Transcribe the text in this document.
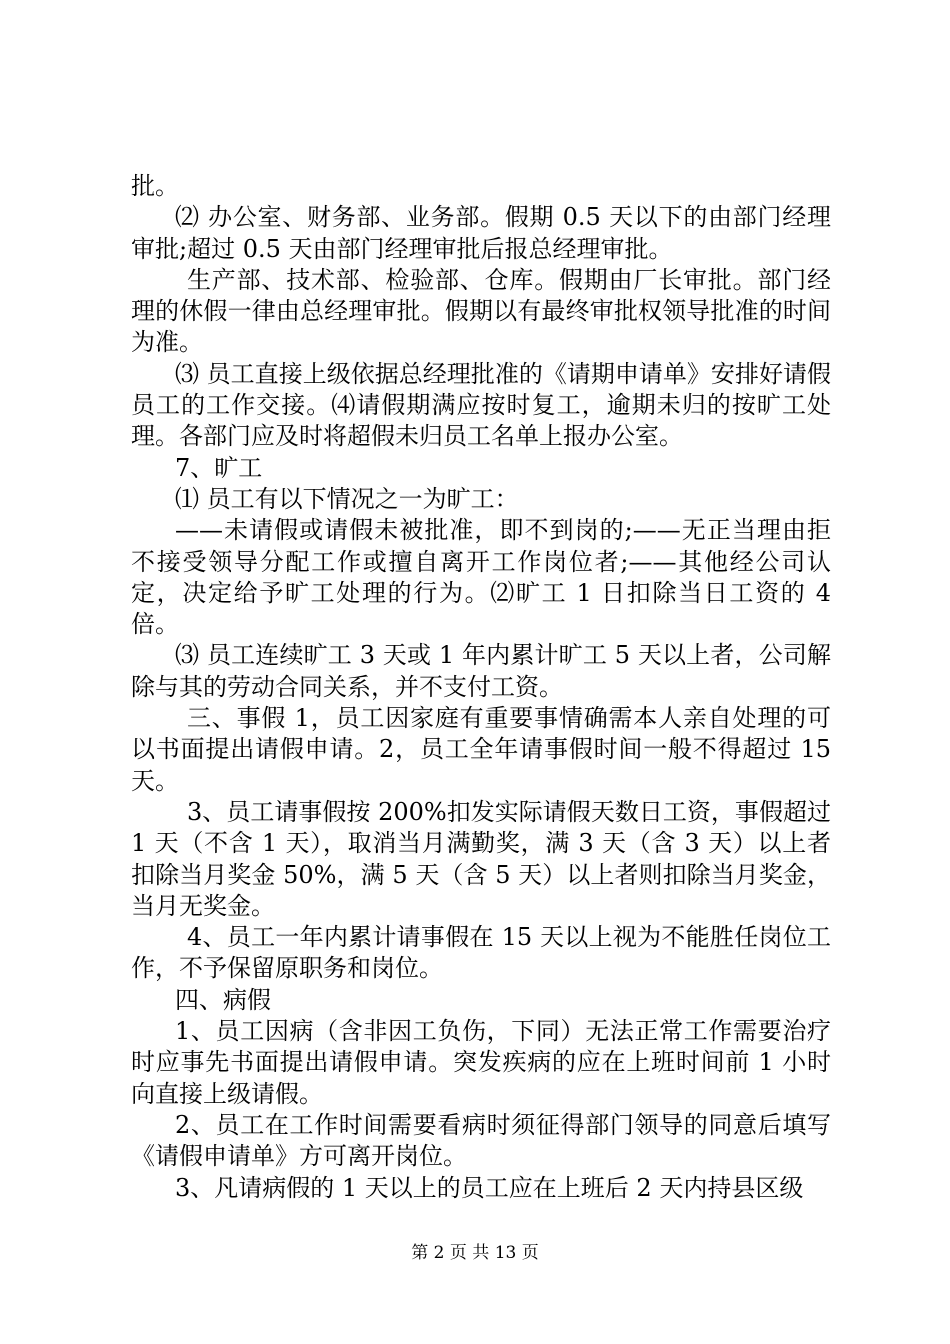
批。

⑵ 办公室、财务部、业务部。假期 0.5 天以下的由部门经理审批;超过 0.5 天由部门经理审批后报总经理审批。

生产部、技术部、检验部、仓库。假期由厂长审批。部门经理的休假一律由总经理审批。假期以有最终审批权领导批准的时间为准。

⑶ 员工直接上级依据总经理批准的《请期申请单》安排好请假员工的工作交接。⑷请假期满应按时复工，逾期未归的按旷工处理。各部门应及时将超假未归员工名单上报办公室。

7、旷工

⑴ 员工有以下情况之一为旷工：

——未请假或请假未被批准，即不到岗的;——无正当理由拒不接受领导分配工作或擅自离开工作岗位者;——其他经公司认定，决定给予旷工处理的行为。⑵旷工 1 日扣除当日工资的 4 倍。

⑶ 员工连续旷工 3 天或 1 年内累计旷工 5 天以上者，公司解除与其的劳动合同关系，并不支付工资。

三、事假 1，员工因家庭有重要事情确需本人亲自处理的可以书面提出请假申请。2，员工全年请事假时间一般不得超过 15 天。

3、员工请事假按 200%扣发实际请假天数日工资，事假超过 1 天（不含 1 天），取消当月满勤奖，满 3 天（含 3 天）以上者扣除当月奖金 50%，满 5 天（含 5 天）以上者则扣除当月奖金，当月无奖金。

4、员工一年内累计请事假在 15 天以上视为不能胜任岗位工作，不予保留原职务和岗位。

四、病假

1、员工因病（含非因工负伤，下同）无法正常工作需要治疗时应事先书面提出请假申请。突发疾病的应在上班时间前 1 小时向直接上级请假。

2、员工在工作时间需要看病时须征得部门领导的同意后填写《请假申请单》方可离开岗位。

3、凡请病假的 1 天以上的员工应在上班后 2 天内持县区级

第 2 页 共 13 页
